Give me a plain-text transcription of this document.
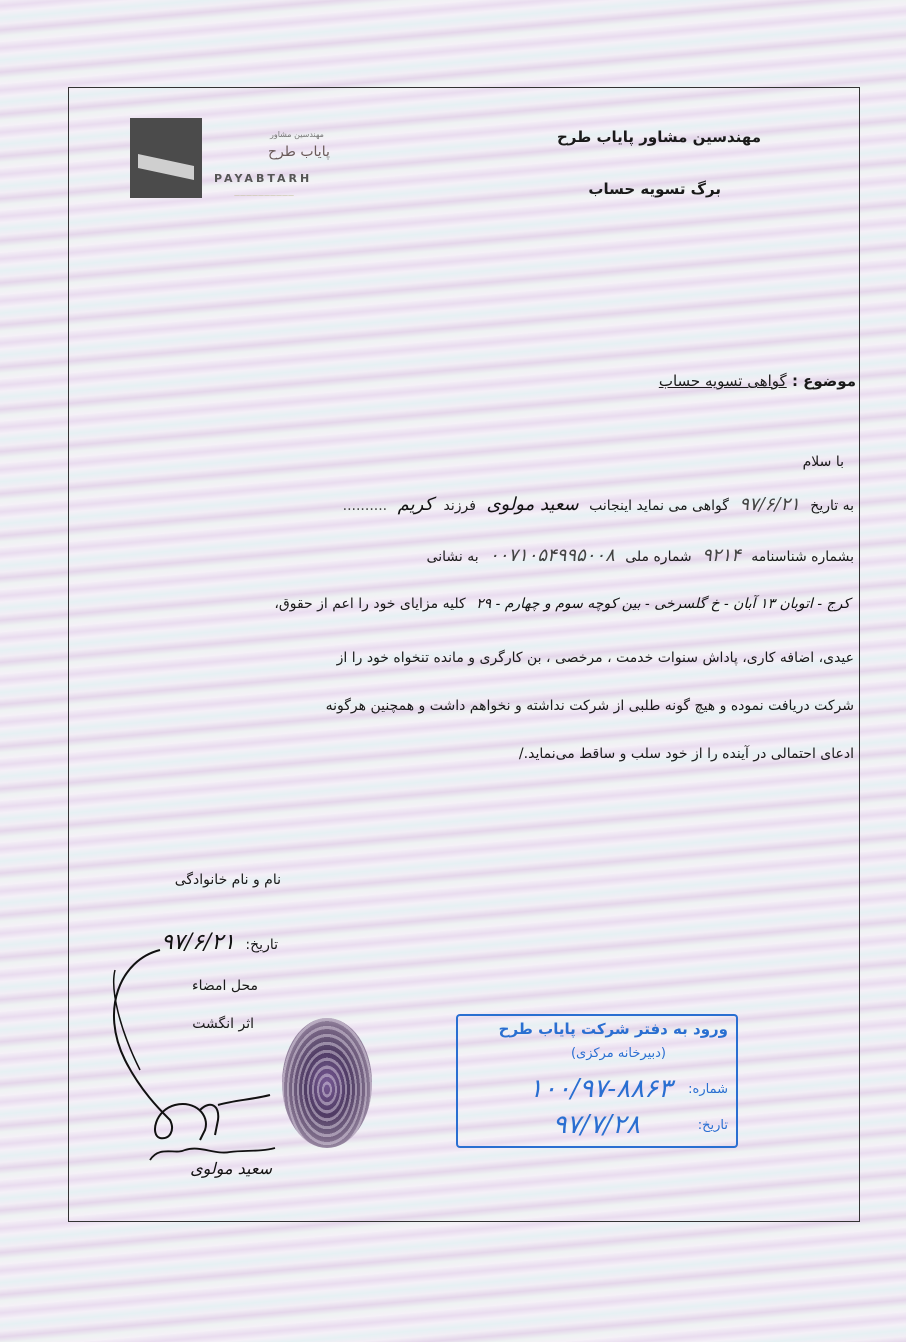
مهندسین مشاور
پایاب طرح
PAYABTARH
——————————
مهندسین مشاور پایاب طرح
برگ تسویه حساب
موضوع : گواهی تسویه حساب
با سلام
به تاریخ ۹۷/۶/۲۱ گواهی می نماید اینجانب سعید مولوی فرزند کریم ..........
بشماره شناسنامه ۹۲۱۴ شماره ملی ۰۰۷۱۰۵۴۹۹۵۰۰۸ به نشانی
کرج - اتوبان ۱۳ آبان - خ گلسرخی - بین کوچه سوم و چهارم - ۲۹ کلیه مزایای خود را اعم از حقوق،
عیدی، اضافه کاری، پاداش سنوات خدمت ، مرخصی ، بن کارگری و مانده تنخواه خود را از
شرکت دریافت نموده و هیچ گونه طلبی از شرکت نداشته و نخواهم داشت و همچنین هرگونه
ادعای احتمالی در آینده را از خود سلب و ساقط می‌نماید./
نام و نام خانوادگی
تاریخ: ۹۷/۶/۲۱
محل امضاء
اثر انگشت
سعید مولوی
ورود به دفتر شرکت پایاب طرح
(دبیرخانه مرکزی)
شماره:
۱۰۰/۹۷-۸۸۶۳
تاریخ:
۹۷/۷/۲۸
